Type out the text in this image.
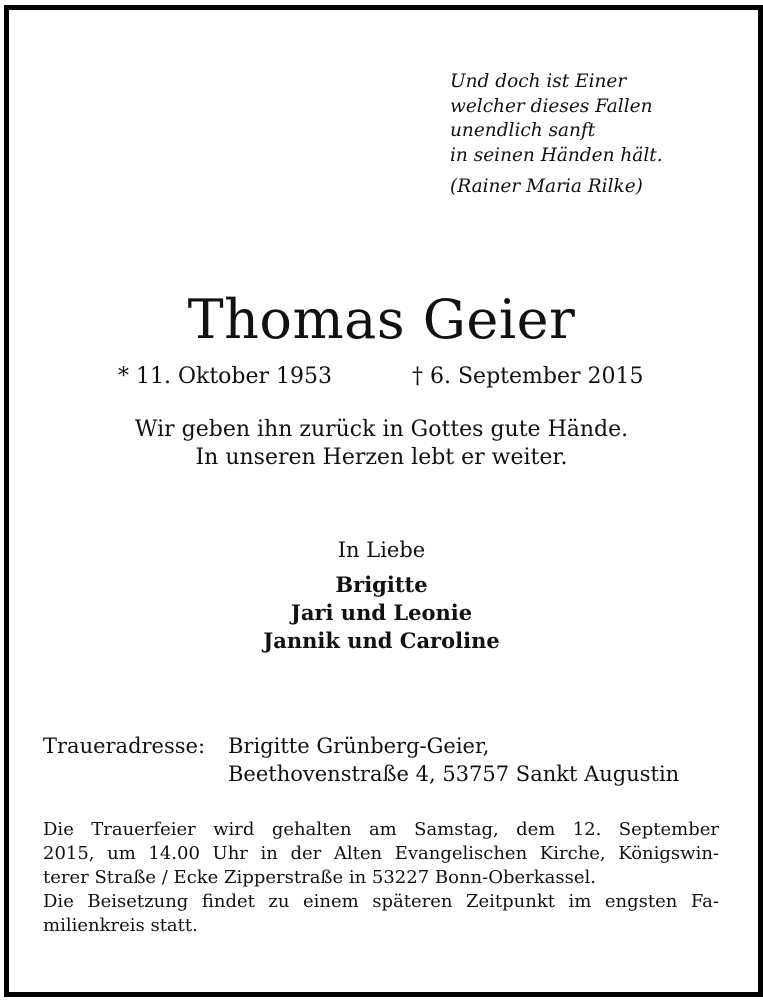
Und doch ist Einer
welcher dieses Fallen
unendlich sanft
in seinen Händen hält.
(Rainer Maria Rilke)
Thomas Geier
* 11. Oktober 1953	† 6. September 2015
Wir geben ihn zurück in Gottes gute Hände.
In unseren Herzen lebt er weiter.
In Liebe
Brigitte
Jari und Leonie
Jannik und Caroline
Traueradresse: Brigitte Grünberg-Geier,
Beethovenstraße 4, 53757 Sankt Augustin

Die Trauerfeier wird gehalten am Samstag, dem 12. September

2015, um 14.00 Uhr in der Alten Evangelischen Kirche, Königswin-

terer Straße / Ecke Zipperstraße in 53227 Bonn-Oberkassel.

Die Beisetzung findet zu einem späteren Zeitpunkt im engsten Fa-

milienkreis statt.
